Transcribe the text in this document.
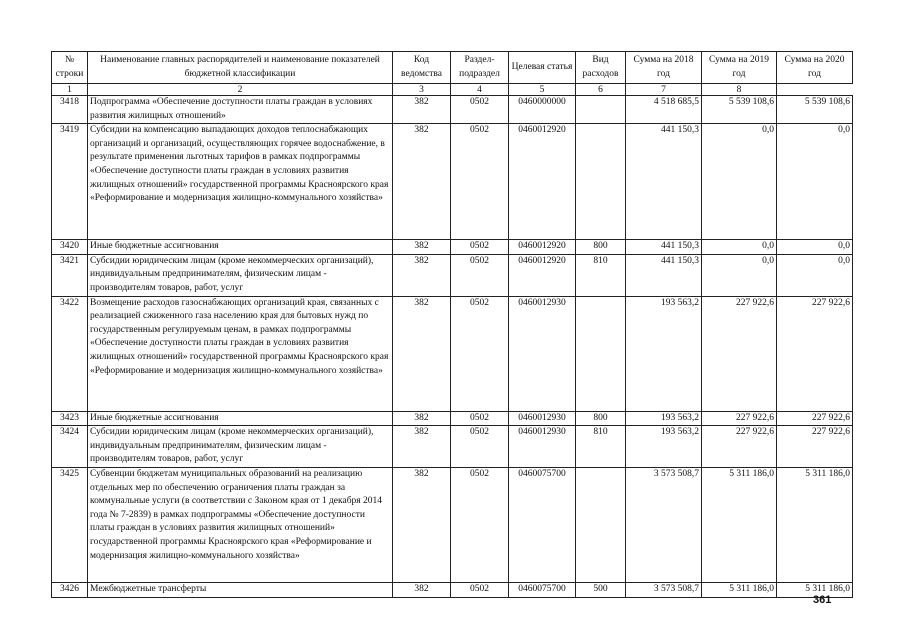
№ строки	Наименование главных распорядителей и наименование показателей бюджетной классификации	Код ведомства	Раздел-подраздел	Целевая статья	Вид расходов	Сумма на 2018 год	Сумма на 2019 год	Сумма на 2020 год
1	2	3	4	5	6	7	8	
3418	Подпрограмма «Обеспечение доступности платы граждан в условиях развития жилищных отношений»	382	0502	0460000000		4 518 685,5	5 539 108,6	5 539 108,6
3419	Субсидии на компенсацию выпадающих доходов теплоснабжающих организаций и организаций, осуществляющих горячее водоснабжение, в результате применения льготных тарифов в рамках подпрограммы «Обеспечение доступности платы граждан в условиях развития жилищных отношений» государственной программы Красноярского края «Реформирование и модернизация жилищно-коммунального хозяйства»	382	0502	0460012920		441 150,3	0,0	0,0
3420	Иные бюджетные ассигнования	382	0502	0460012920	800	441 150,3	0,0	0,0
3421	Субсидии юридическим лицам (кроме некоммерческих организаций), индивидуальным предпринимателям, физическим лицам - производителям товаров, работ, услуг	382	0502	0460012920	810	441 150,3	0,0	0,0
3422	Возмещение расходов газоснабжающих организаций края, связанных с реализацией сжиженного газа населению края для бытовых нужд по государственным регулируемым ценам, в рамках подпрограммы «Обеспечение доступности платы граждан в условиях развития жилищных отношений» государственной программы Красноярского края «Реформирование и модернизация жилищно-коммунального хозяйства»	382	0502	0460012930		193 563,2	227 922,6	227 922,6
3423	Иные бюджетные ассигнования	382	0502	0460012930	800	193 563,2	227 922,6	227 922,6
3424	Субсидии юридическим лицам (кроме некоммерческих организаций), индивидуальным предпринимателям, физическим лицам - производителям товаров, работ, услуг	382	0502	0460012930	810	193 563,2	227 922,6	227 922,6
3425	Субвенции бюджетам муниципальных образований на реализацию отдельных мер по обеспечению ограничения платы граждан за коммунальные услуги (в соответствии с Законом края от 1 декабря 2014 года № 7-2839) в рамках подпрограммы «Обеспечение доступности платы граждан в условиях развития жилищных отношений» государственной программы Красноярского края «Реформирование и модернизация жилищно-коммунального хозяйства»	382	0502	0460075700		3 573 508,7	5 311 186,0	5 311 186,0
3426	Межбюджетные трансферты	382	0502	0460075700	500	3 573 508,7	5 311 186,0	5 311 186,0
361
